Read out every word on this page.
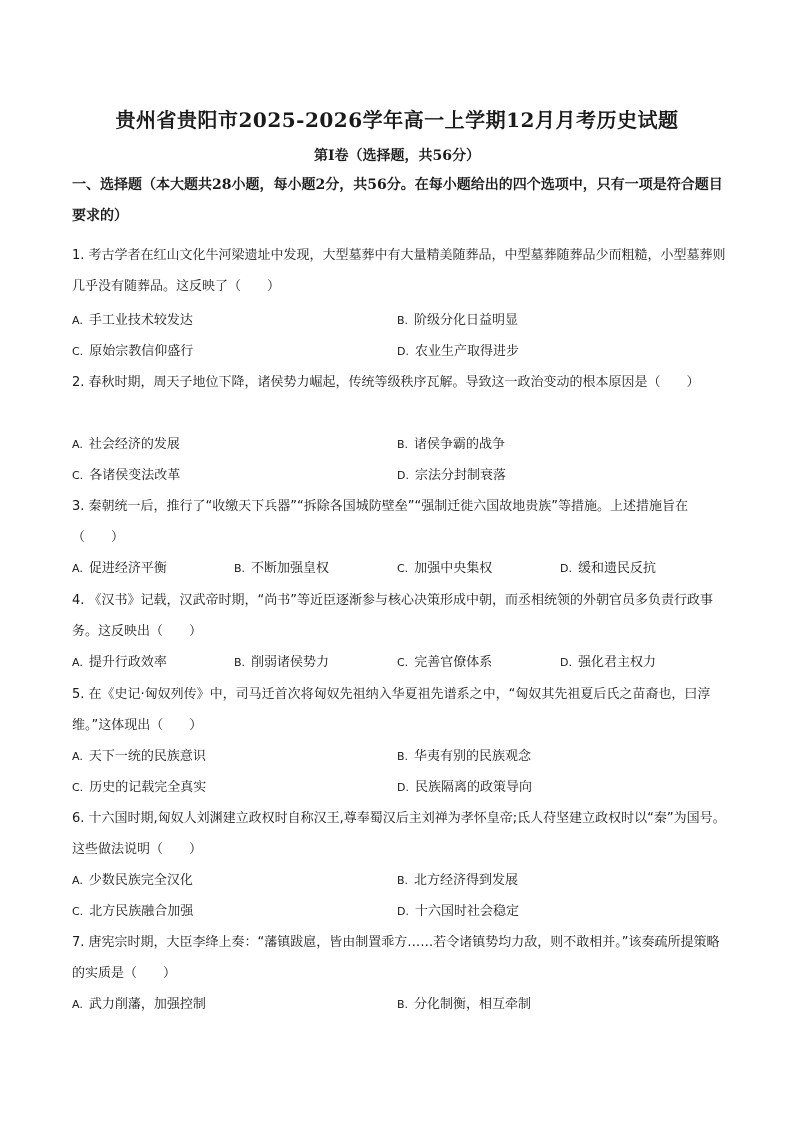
贵州省贵阳市2025-2026学年高一上学期12月月考历史试题
第Ⅰ卷（选择题，共56分）
一、选择题（本大题共28小题，每小题2分，共56分。在每小题给出的四个选项中，只有一项是符合题目要求的）
1. 考古学者在红山文化牛河梁遗址中发现，大型墓葬中有大量精美随葬品，中型墓葬随葬品少而粗糙，小型墓葬则几乎没有随葬品。这反映了（　　）
A. 手工业技术较发达	B. 阶级分化日益明显
C. 原始宗教信仰盛行	D. 农业生产取得进步
2. 春秋时期，周天子地位下降，诸侯势力崛起，传统等级秩序瓦解。导致这一政治变动的根本原因是（　　）
A. 社会经济的发展	B. 诸侯争霸的战争
C. 各诸侯变法改革	D. 宗法分封制衰落
3. 秦朝统一后，推行了“收缴天下兵器”“拆除各国城防壁垒”“强制迁徙六国故地贵族”等措施。上述措施旨在（　　）
A. 促进经济平衡	B. 不断加强皇权	C. 加强中央集权	D. 缓和遗民反抗
4. 《汉书》记载，汉武帝时期，“尚书”等近臣逐渐参与核心决策形成中朝，而丞相统领的外朝官员多负责行政事务。这反映出（　　）
A. 提升行政效率	B. 削弱诸侯势力	C. 完善官僚体系	D. 强化君主权力
5. 在《史记·匈奴列传》中，司马迁首次将匈奴先祖纳入华夏祖先谱系之中，“匈奴其先祖夏后氏之苗裔也，曰淳维。”这体现出（　　）
A. 天下一统的民族意识	B. 华夷有别的民族观念
C. 历史的记载完全真实	D. 民族隔离的政策导向
6. 十六国时期,匈奴人刘渊建立政权时自称汉王,尊奉蜀汉后主刘禅为孝怀皇帝;氐人苻坚建立政权时以“秦”为国号。这些做法说明（　　）
A. 少数民族完全汉化	B. 北方经济得到发展
C. 北方民族融合加强	D. 十六国时社会稳定
7. 唐宪宗时期，大臣李绛上奏：“藩镇跋扈，皆由制置乖方……若令诸镇势均力敌，则不敢相并。”该奏疏所提策略的实质是（　　）
A. 武力削藩，加强控制	B. 分化制衡，相互牵制
